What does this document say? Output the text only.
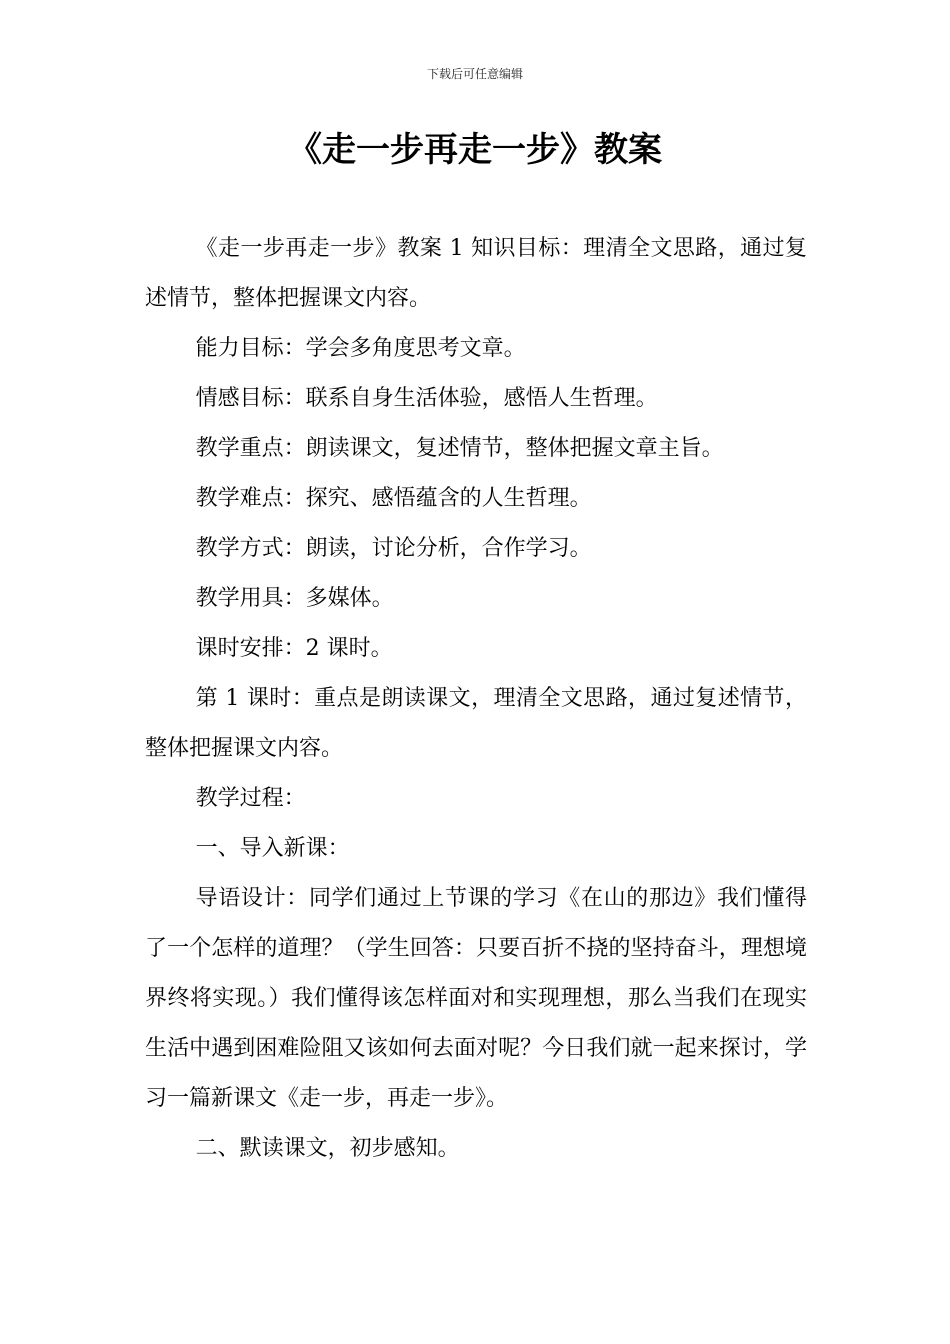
下载后可任意编辑
《走一步再走一步》教案

《走一步再走一步》教案 1 知识目标：理清全文思路，通过复述情节，整体把握课文内容。

能力目标：学会多角度思考文章。

情感目标：联系自身生活体验，感悟人生哲理。

教学重点：朗读课文，复述情节，整体把握文章主旨。

教学难点：探究、感悟蕴含的人生哲理。

教学方式：朗读，讨论分析，合作学习。

教学用具：多媒体。

课时安排：2 课时。

第 1 课时：重点是朗读课文，理清全文思路，通过复述情节，整体把握课文内容。

教学过程：

一、导入新课：

导语设计：同学们通过上节课的学习《在山的那边》我们懂得了一个怎样的道理？（学生回答：只要百折不挠的坚持奋斗，理想境界终将实现。）我们懂得该怎样面对和实现理想，那么当我们在现实生活中遇到困难险阻又该如何去面对呢？今日我们就一起来探讨，学习一篇新课文《走一步，再走一步》。

二、默读课文，初步感知。
